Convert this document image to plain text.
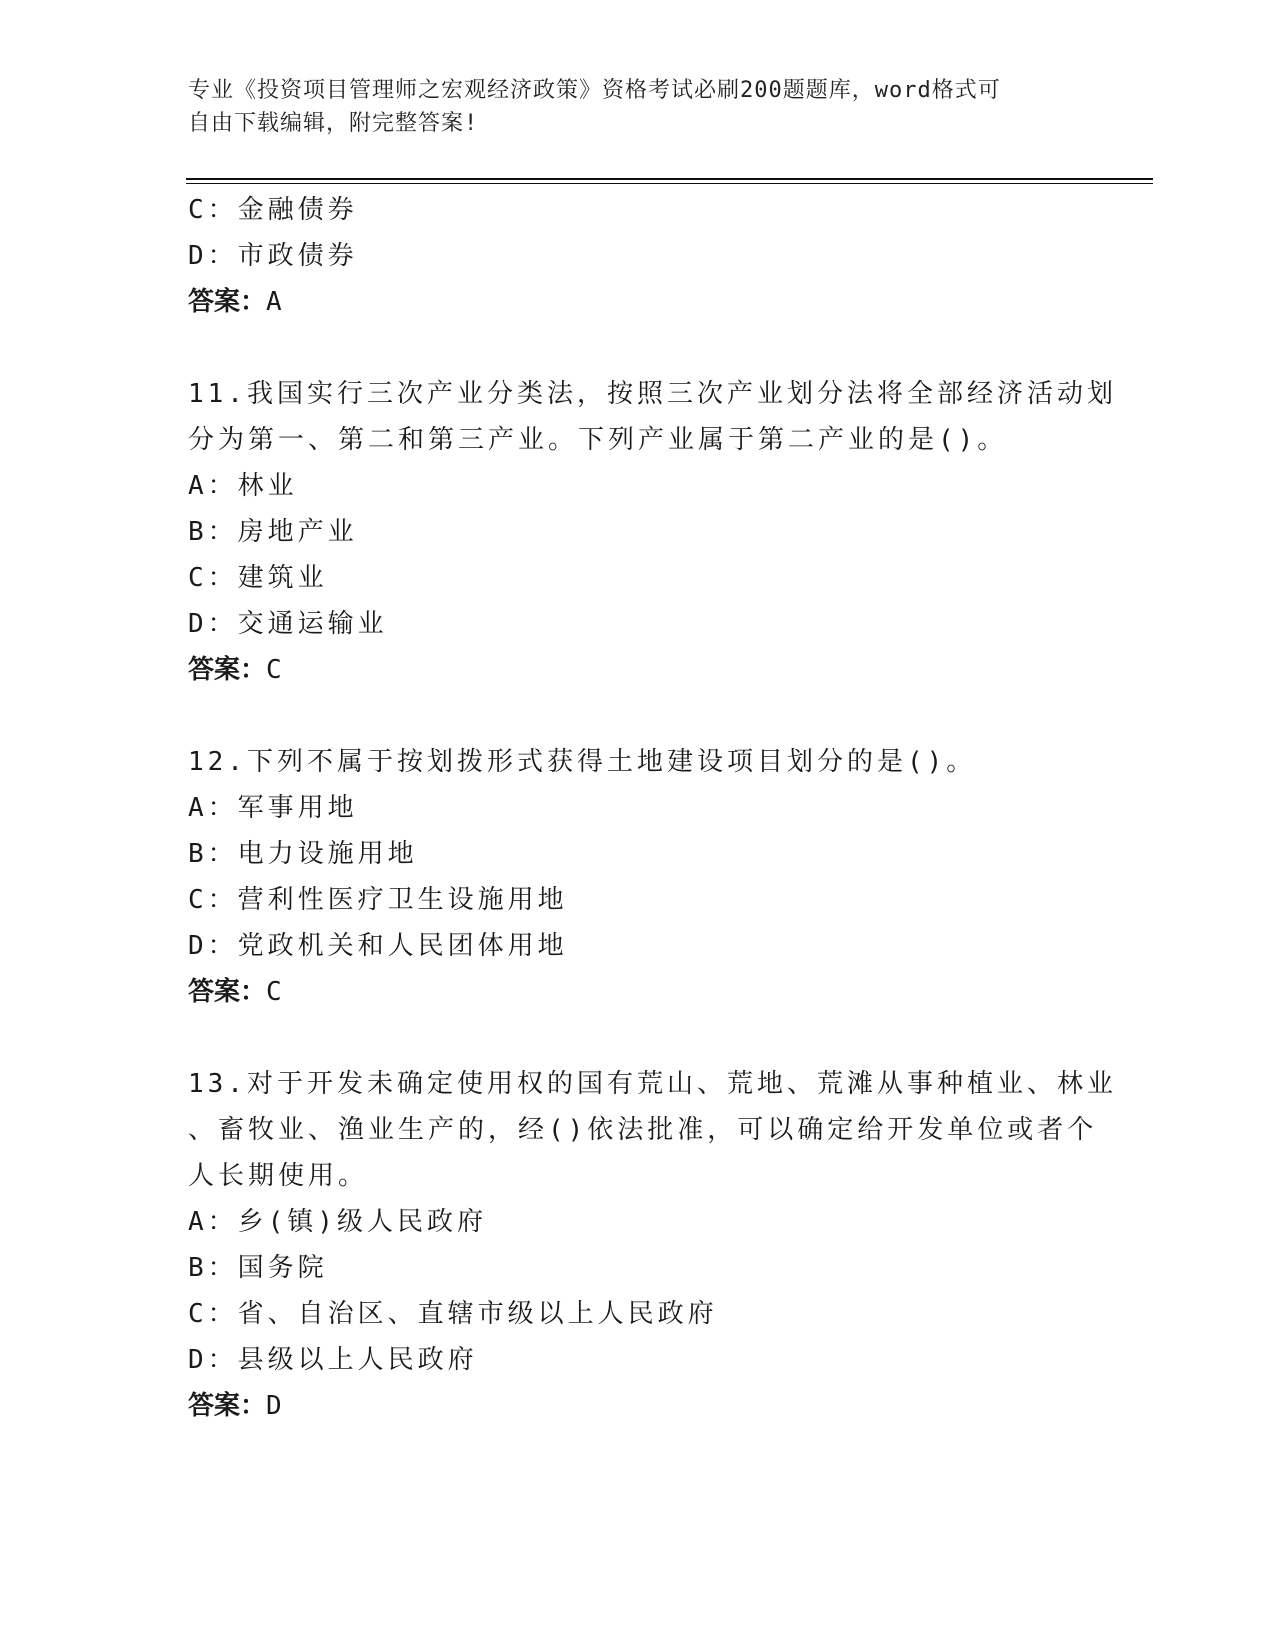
专业《投资项目管理师之宏观经济政策》资格考试必刷200题题库，word格式可
自由下载编辑，附完整答案!
C：金融债券
D：市政债券
答案：A
11.我国实行三次产业分类法，按照三次产业划分法将全部经济活动划
分为第一、第二和第三产业。下列产业属于第二产业的是()。
A：林业
B：房地产业
C：建筑业
D：交通运输业
答案：C
12.下列不属于按划拨形式获得土地建设项目划分的是()。
A：军事用地
B：电力设施用地
C：营利性医疗卫生设施用地
D：党政机关和人民团体用地
答案：C
13.对于开发未确定使用权的国有荒山、荒地、荒滩从事种植业、林业
、畜牧业、渔业生产的，经()依法批准，可以确定给开发单位或者个
人长期使用。
A：乡(镇)级人民政府
B：国务院
C：省、自治区、直辖市级以上人民政府
D：县级以上人民政府
答案：D
